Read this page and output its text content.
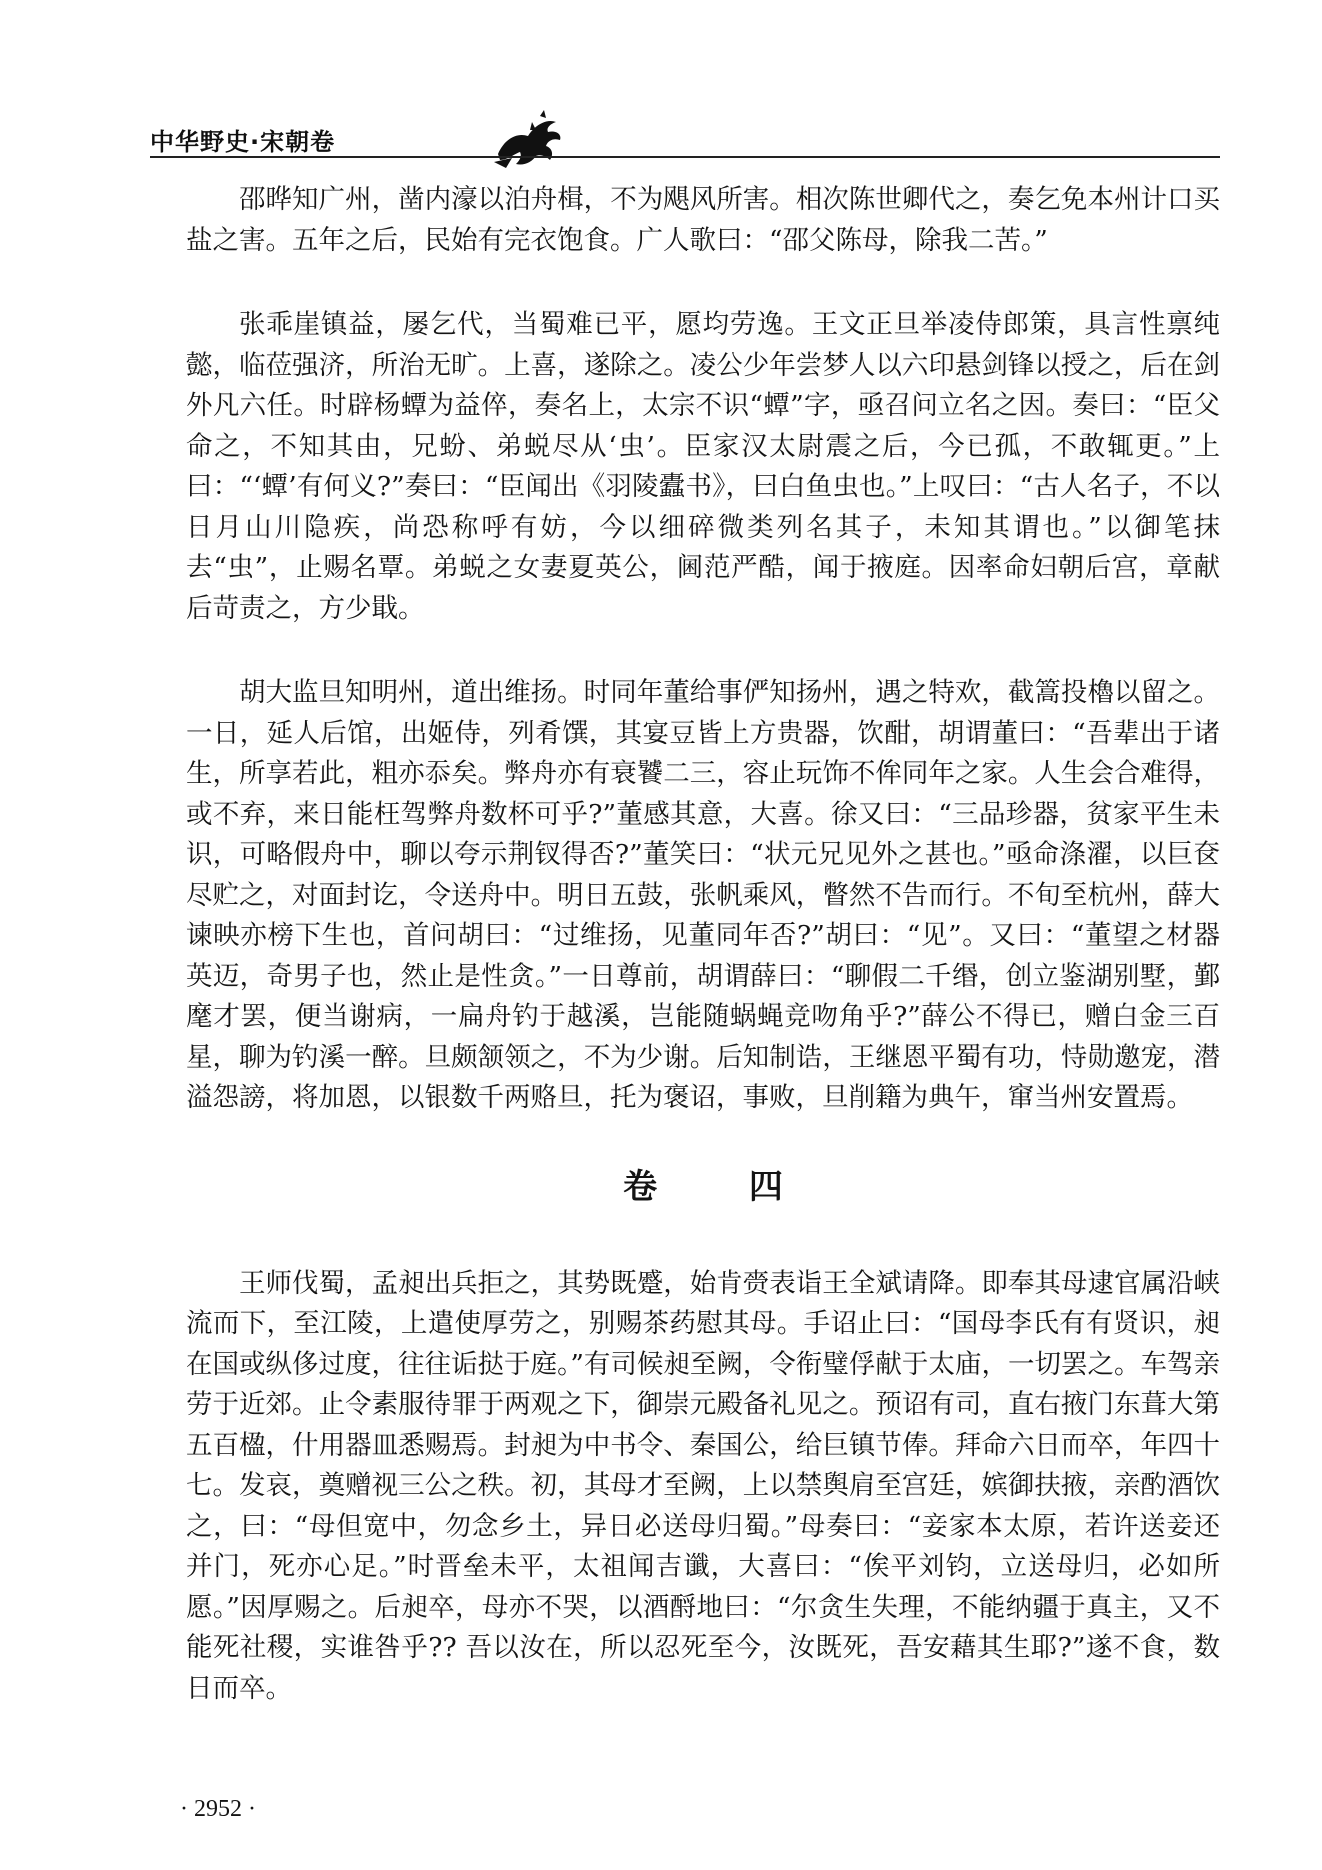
中华野史·宋朝卷

邵晔知广州，凿内濠以泊舟楫，不为飓风所害。相次陈世卿代之，奏乞免本州计口买盐之害。五年之后，民始有完衣饱食。广人歌曰：“邵父陈母，除我二苦。”

张乖崖镇益，屡乞代，当蜀难已平，愿均劳逸。王文正旦举凌侍郎策，具言性禀纯懿，临莅强济，所治无旷。上喜，遂除之。凌公少年尝梦人以六印悬剑锋以授之，后在剑外凡六任。时辟杨蟫为益倅，奏名上，太宗不识“蟫”字，亟召问立名之因。奏曰：“臣父命之，不知其由，兄蚡、弟蜕尽从‘虫’。臣家汉太尉震之后，今已孤，不敢辄更。”上曰：“‘蟫’有何义?”奏曰：“臣闻出《羽陵蠹书》，曰白鱼虫也。”上叹曰：“古人名子，不以日月山川隐疾，尚恐称呼有妨，今以细碎微类列名其子，未知其谓也。”以御笔抹去“虫”，止赐名覃。弟蜕之女妻夏英公，阃范严酷，闻于掖庭。因率命妇朝后宫，章献后苛责之，方少戢。

胡大监旦知明州，道出维扬。时同年董给事俨知扬州，遇之特欢，截篙投櫓以留之。一日，延人后馆，出姬侍，列肴馔，其宴豆皆上方贵器，饮酣，胡谓董曰：“吾辈出于诸生，所享若此，粗亦忝矣。弊舟亦有衰饕二三，容止玩饰不侔同年之家。人生会合难得，或不弃，来日能枉驾弊舟数杯可乎?”董感其意，大喜。徐又曰：“三品珍器，贫家平生未识，可略假舟中，聊以夸示荆钗得否?”董笑曰：“状元兄见外之甚也。”亟命涤濯，以巨奁尽贮之，对面封讫，令送舟中。明日五鼓，张帆乘风，瞥然不告而行。不旬至杭州，薛大谏映亦榜下生也，首问胡曰：“过维扬，见董同年否?”胡曰：“见”。又曰：“董望之材器英迈，奇男子也，然止是性贪。”一日尊前，胡谓薛曰：“聊假二千缗，创立鉴湖别墅，鄞麾才罢，便当谢病，一扁舟钓于越溪，岂能随蜗蝇竞吻角乎?”薛公不得已，赠白金三百星，聊为钓溪一醉。旦颇颔领之，不为少谢。后知制诰，王继恩平蜀有功，恃勋邀宠，潜溢怨謗，将加恩，以银数千两赂旦，托为褒诏，事败，旦削籍为典午，窜当州安置焉。

卷 四

王师伐蜀，孟昶出兵拒之，其势既蹙，始肯赍表诣王全斌请降。即奉其母逮官属沿峡流而下，至江陵，上遣使厚劳之，别赐茶药慰其母。手诏止曰：“国母李氏有有贤识，昶在国或纵侈过度，往往诟挞于庭。”有司候昶至阙，令衔璧俘献于太庙，一切罢之。车驾亲劳于近郊。止令素服待罪于两观之下，御崇元殿备礼见之。预诏有司，直右掖门东葺大第五百楹，什用器皿悉赐焉。封昶为中书令、秦国公，给巨镇节俸。拜命六日而卒，年四十七。发哀，奠赠视三公之秩。初，其母才至阙，上以禁舆肩至宫廷，嫔御扶掖，亲酌酒饮之，曰：“母但宽中，勿念乡土，异日必送母归蜀。”母奏曰：“妾家本太原，若许送妾还并门，死亦心足。”时晋垒未平，太祖闻吉谶，大喜曰：“俟平刘钧，立送母归，必如所愿。”因厚赐之。后昶卒，母亦不哭，以酒酹地曰：“尔贪生失理，不能纳疆于真主，又不能死社稷，实谁咎乎?? 吾以汝在，所以忍死至今，汝既死，吾安藉其生耶?”遂不食，数日而卒。

· 2952 ·
